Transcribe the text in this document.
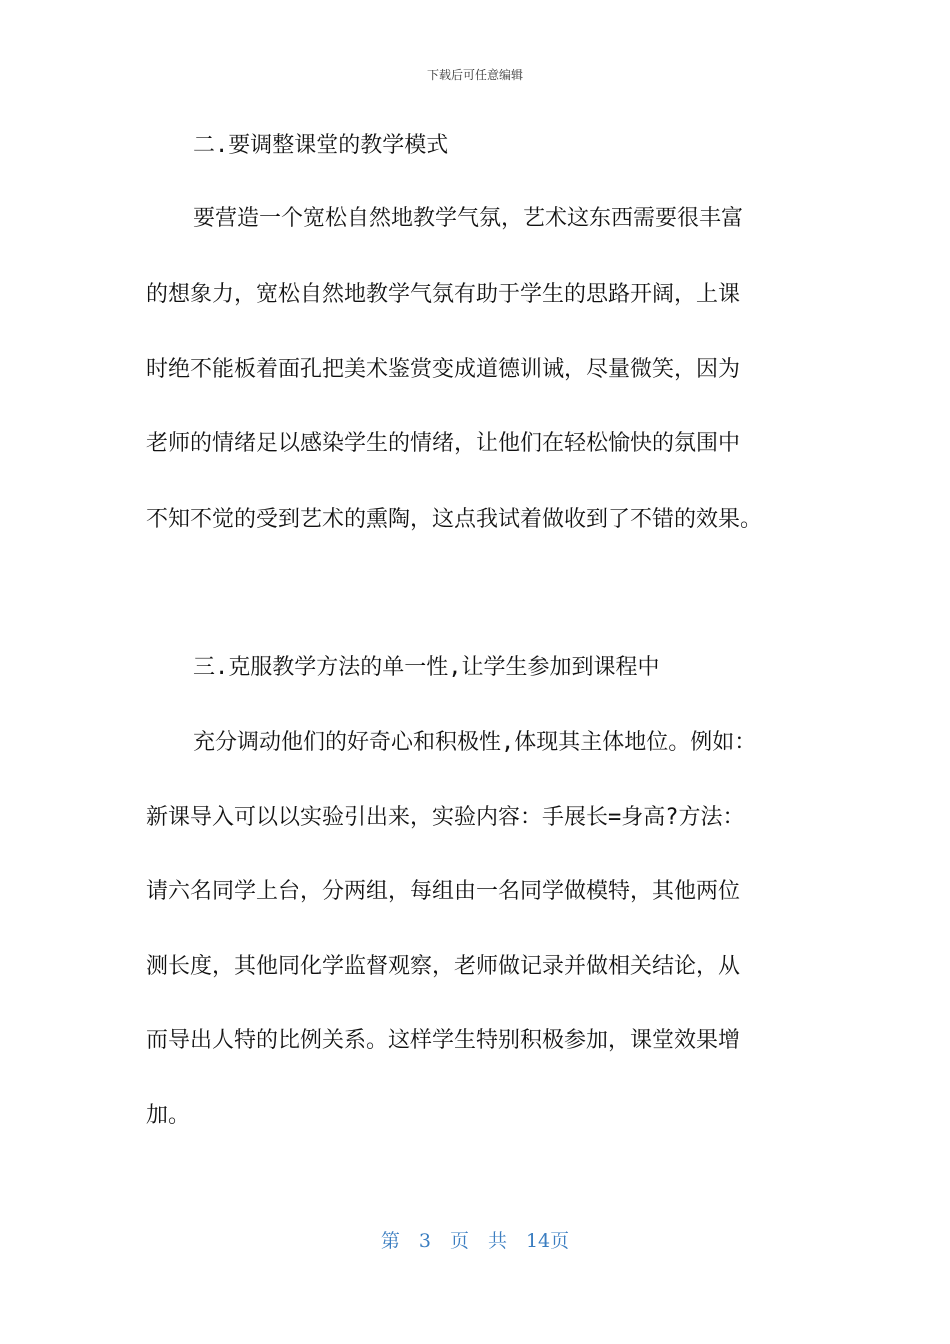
下载后可任意编辑
二.要调整课堂的教学模式
要营造一个宽松自然地教学气氛，艺术这东西需要很丰富
的想象力，宽松自然地教学气氛有助于学生的思路开阔，上课
时绝不能板着面孔把美术鉴赏变成道德训诫，尽量微笑，因为
老师的情绪足以感染学生的情绪，让他们在轻松愉快的氛围中
不知不觉的受到艺术的熏陶，这点我试着做收到了不错的效果。
三.克服教学方法的单一性,让学生参加到课程中
充分调动他们的好奇心和积极性,体现其主体地位。例如：
新课导入可以以实验引出来，实验内容：手展长=身高?方法：
请六名同学上台，分两组，每组由一名同学做模特，其他两位
测长度，其他同化学监督观察，老师做记录并做相关结论，从
而导出人特的比例关系。这样学生特别积极参加，课堂效果增
加。
第　3　页　共　14页
